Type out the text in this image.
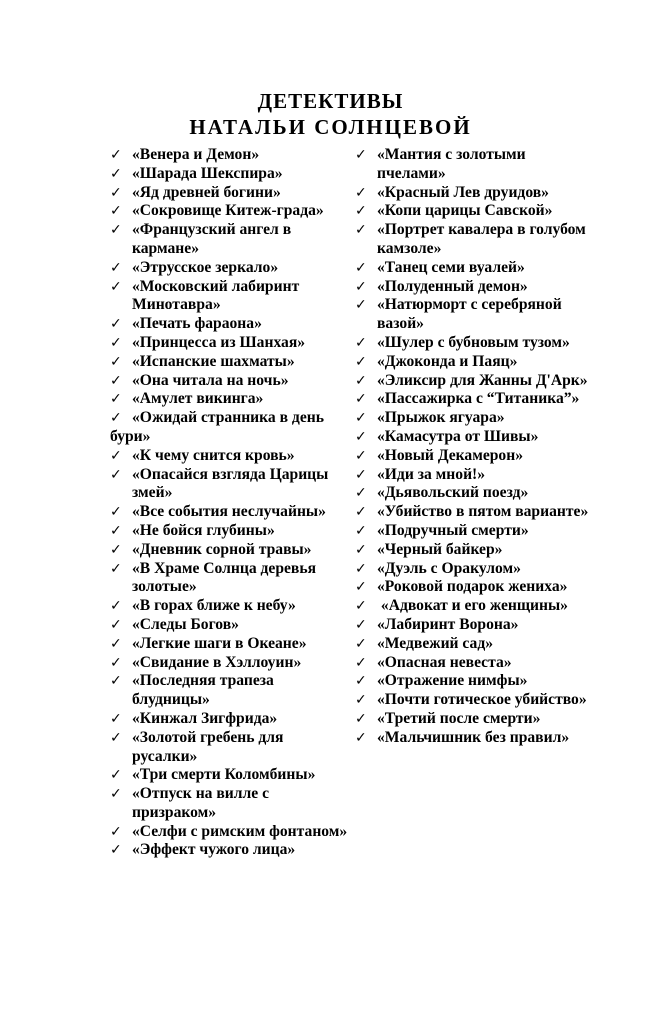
ДЕТЕКТИВЫ
НАТАЛЬИ СОЛНЦЕВОЙ
✓ «Венера и Демон»
✓ «Шарада Шекспира»
✓ «Яд древней богини»
✓ «Сокровище Китеж-града»
✓ «Французский ангел в кармане»
✓ «Этрусское зеркало»
✓ «Московский лабиринт Минотавра»
✓ «Печать фараона»
✓ «Принцесса из Шанхая»
✓ «Испанские шахматы»
✓ «Она читала на ночь»
✓ «Амулет викинга»
✓ «Ожидай странника в день бури»
✓ «К чему снится кровь»
✓ «Опасайся взгляда Царицы змей»
✓ «Все события неслучайны»
✓ «Не бойся глубины»
✓ «Дневник сорной травы»
✓ «В Храме Солнца деревья золотые»
✓ «В горах ближе к небу»
✓ «Следы Богов»
✓ «Легкие шаги в Океане»
✓ «Свидание в Хэллоуин»
✓ «Последняя трапеза блудницы»
✓ «Кинжал Зигфрида»
✓ «Золотой гребень для русалки»
✓ «Три смерти Коломбины»
✓ «Отпуск на вилле с призраком»
✓ «Селфи с римским фонтаном»
✓ «Эффект чужого лица»
✓ «Мантия с золотыми пчелами»
✓ «Красный Лев друидов»
✓ «Копи царицы Савской»
✓ «Портрет кавалера в голубом камзоле»
✓ «Танец семи вуалей»
✓ «Полуденный демон»
✓ «Натюрморт с серебряной вазой»
✓ «Шулер с бубновым тузом»
✓ «Джоконда и Паяц»
✓ «Эликсир для Жанны Д'Арк»
✓ «Пассажирка с “Титаника”»
✓ «Прыжок ягуара»
✓ «Камасутра от Шивы»
✓ «Новый Декамерон»
✓ «Иди за мной!»
✓ «Дьявольский поезд»
✓ «Убийство в пятом варианте»
✓ «Подручный смерти»
✓ «Черный байкер»
✓ «Дуэль с Оракулом»
✓ «Роковой подарок жениха»
✓ «Адвокат и его женщины»
✓ «Лабиринт Ворона»
✓ «Медвежий сад»
✓ «Опасная невеста»
✓ «Отражение нимфы»
✓ «Почти готическое убийство»
✓ «Третий после смерти»
✓ «Мальчишник без правил»
